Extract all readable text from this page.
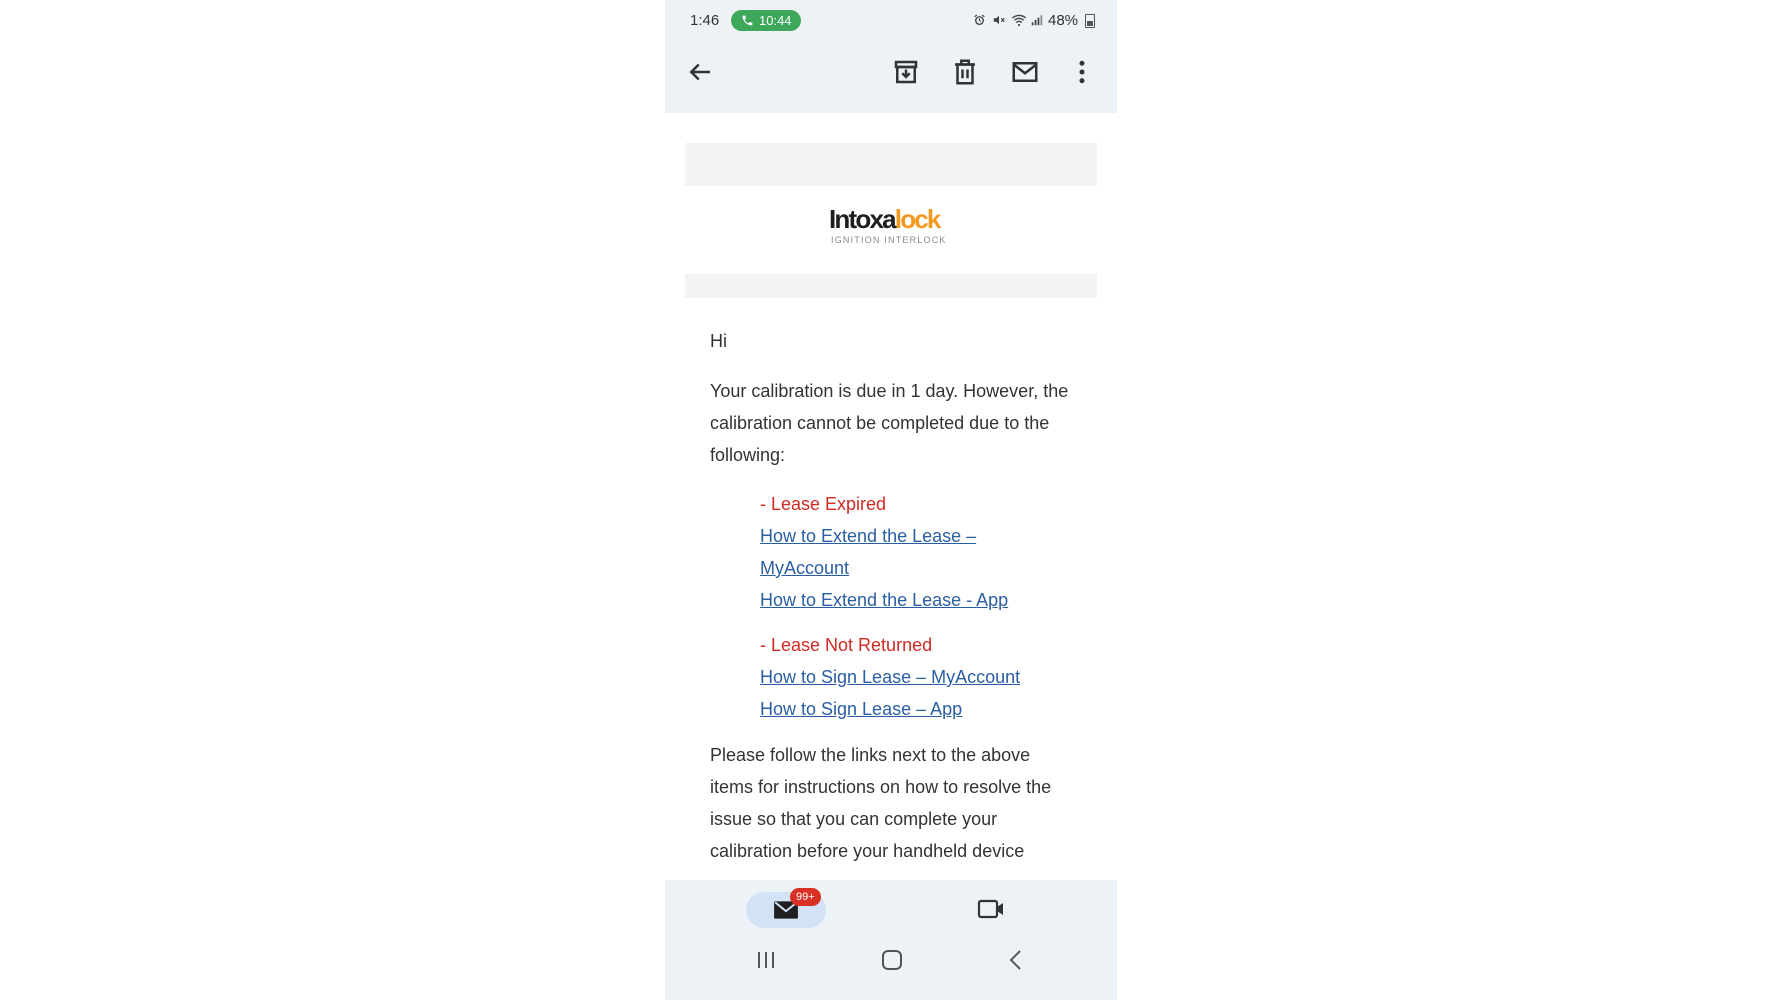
1:46	10:44	48%
Intoxalock
IGNITION INTERLOCK
Hi
Your calibration is due in 1 day. However, the calibration cannot be completed due to the following:
- Lease Expired
How to Extend the Lease – MyAccount
How to Extend the Lease - App
- Lease Not Returned
How to Sign Lease – MyAccount
How to Sign Lease – App
Please follow the links next to the above items for instructions on how to resolve the issue so that you can complete your calibration before your handheld device
99+
